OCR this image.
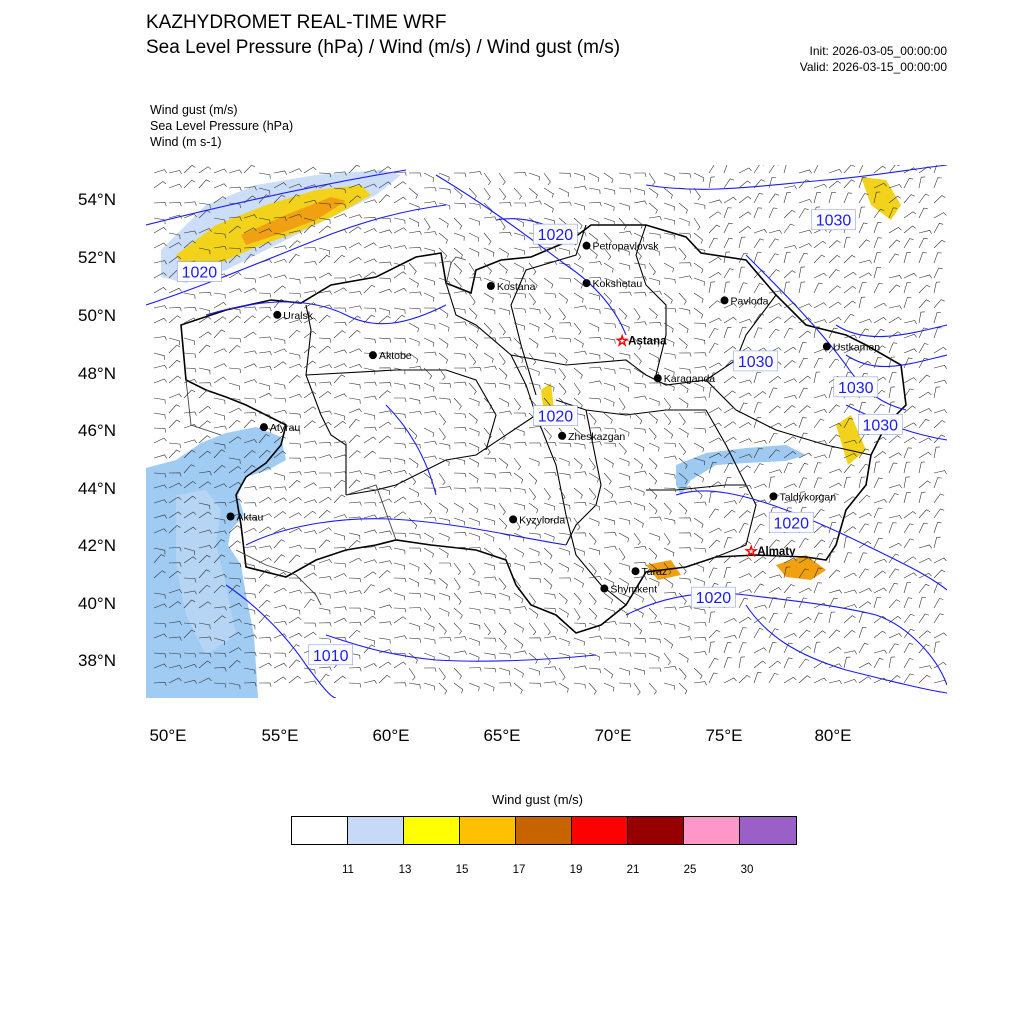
KAZHYDROMET REAL-TIME WRF
Sea Level Pressure (hPa) / Wind (m/s) / Wind gust (m/s)	Init: 2026-03-05_00:00:00
Valid: 2026-03-15_00:00:00
Wind gust (m/s)
Sea Level Pressure (hPa)
Wind (m s-1)
1020
1020
1030
1030
1030
1030
1020
1020
1020
1010
Petropavlovsk
Kostana	Kokshetau
Pavloda
Uralsk
☆ Astana	Ustkamen
Aktobe
Karaganda
Atyrau
Zheskazgan
Taldykorgan
Aktau	Kyzylorda
☆ Almaty
Taraz
Shymkent
54°N
52°N
50°N
48°N
46°N
44°N
42°N
40°N
38°N
50°E	55°E	60°E	65°E	70°E	75°E	80°E
Wind gust (m/s)
11	13	15	17	19	21	25	30
